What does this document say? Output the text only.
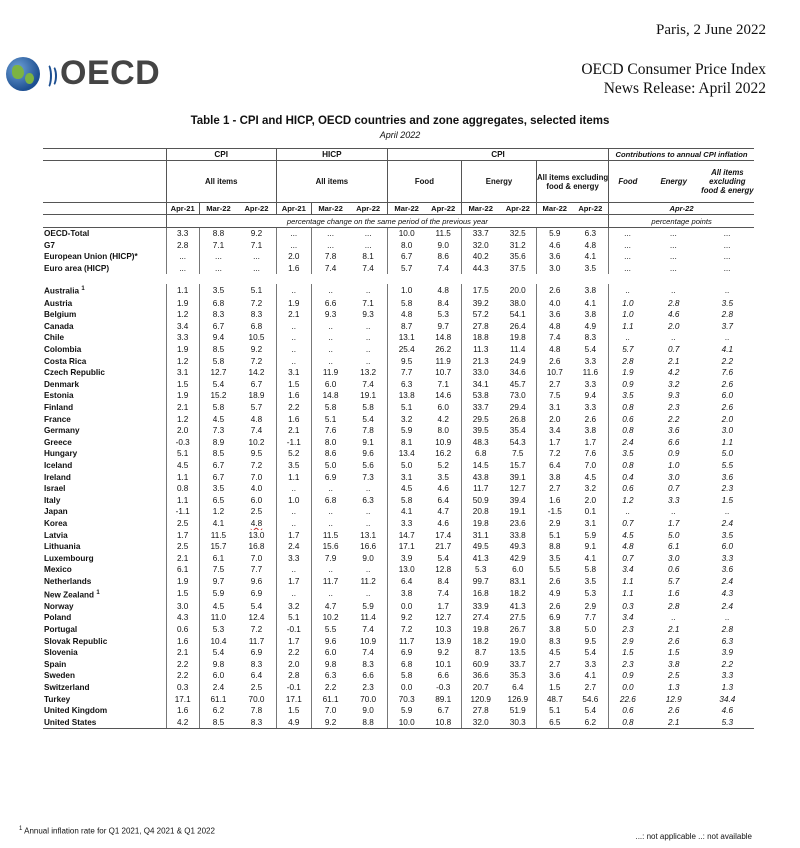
Paris, 2 June 2022
OECD	OECD Consumer Price Index
News Release: April 2022
Table 1 - CPI and HICP, OECD countries and zone aggregates, selected items
April 2022
	CPI			HICP			CPI						Contributions to annual CPI inflation		
	All items			All items			Food		Energy		All items excluding food & energy		Food	Energy	All items excluding food & energy
	Apr-21	Mar-22	Apr-22	Apr-21	Mar-22	Apr-22	Mar-22	Apr-22	Mar-22	Apr-22	Mar-22	Apr-22	Apr-22		
	percentage change on the same period of the previous year												percentage points		
OECD-Total	3.3	8.8	9.2	...	...	...	10.0	11.5	33.7	32.5	5.9	6.3	...	...	...
G7	2.8	7.1	7.1	...	...	...	8.0	9.0	32.0	31.2	4.6	4.8	...	...	...
European Union (HICP)*	...	...	...	2.0	7.8	8.1	6.7	8.6	40.2	35.6	3.6	4.1	...	...	...
Euro area (HICP)	...	...	...	1.6	7.4	7.4	5.7	7.4	44.3	37.5	3.0	3.5	...	...	...

Australia $^1$	1.1	3.5	5.1	..	..	..	1.0	4.8	17.5	20.0	2.6	3.8	..	..	..
Austria	1.9	6.8	7.2	1.9	6.6	7.1	5.8	8.4	39.2	38.0	4.0	4.1	1.0	2.8	3.5
Belgium	1.2	8.3	8.3	2.1	9.3	9.3	4.8	5.3	57.2	54.1	3.6	3.8	1.0	4.6	2.8
Canada	3.4	6.7	6.8	..	..	..	8.7	9.7	27.8	26.4	4.8	4.9	1.1	2.0	3.7
Chile	3.3	9.4	10.5	..	..	..	13.1	14.8	18.8	19.8	7.4	8.3	..	..	..
Colombia	1.9	8.5	9.2	..	..	..	25.4	26.2	11.3	11.4	4.8	5.4	5.7	0.7	4.1
Costa Rica	1.2	5.8	7.2	..	..	..	9.5	11.9	21.3	24.9	2.6	3.3	2.8	2.1	2.2
Czech Republic	3.1	12.7	14.2	3.1	11.9	13.2	7.7	10.7	33.0	34.6	10.7	11.6	1.9	4.2	7.6
Denmark	1.5	5.4	6.7	1.5	6.0	7.4	6.3	7.1	34.1	45.7	2.7	3.3	0.9	3.2	2.6
Estonia	1.9	15.2	18.9	1.6	14.8	19.1	13.8	14.6	53.8	73.0	7.5	9.4	3.5	9.3	6.0
Finland	2.1	5.8	5.7	2.2	5.8	5.8	5.1	6.0	33.7	29.4	3.1	3.3	0.8	2.3	2.6
France	1.2	4.5	4.8	1.6	5.1	5.4	3.2	4.2	29.5	26.8	2.0	2.6	0.6	2.2	2.0
Germany	2.0	7.3	7.4	2.1	7.6	7.8	5.9	8.0	39.5	35.4	3.4	3.8	0.8	3.6	3.0
Greece	-0.3	8.9	10.2	-1.1	8.0	9.1	8.1	10.9	48.3	54.3	1.7	1.7	2.4	6.6	1.1
Hungary	5.1	8.5	9.5	5.2	8.6	9.6	13.4	16.2	6.8	7.5	7.2	7.6	3.5	0.9	5.0
Iceland	4.5	6.7	7.2	3.5	5.0	5.6	5.0	5.2	14.5	15.7	6.4	7.0	0.8	1.0	5.5
Ireland	1.1	6.7	7.0	1.1	6.9	7.3	3.1	3.5	43.8	39.1	3.8	4.5	0.4	3.0	3.6
Israel	0.8	3.5	4.0	..	..	..	4.5	4.6	11.7	12.7	2.7	3.2	0.6	0.7	2.3
Italy	1.1	6.5	6.0	1.0	6.8	6.3	5.8	6.4	50.9	39.4	1.6	2.0	1.2	3.3	1.5
Japan	-1.1	1.2	2.5	..	..	..	4.1	4.7	20.8	19.1	-1.5	0.1	..	..	..
Korea	2.5	4.1	4.8	..	..	..	3.3	4.6	19.8	23.6	2.9	3.1	0.7	1.7	2.4
Latvia	1.7	11.5	13.0	1.7	11.5	13.1	14.7	17.4	31.1	33.8	5.1	5.9	4.5	5.0	3.5
Lithuania	2.5	15.7	16.8	2.4	15.6	16.6	17.1	21.7	49.5	49.3	8.8	9.1	4.8	6.1	6.0
Luxembourg	2.1	6.1	7.0	3.3	7.9	9.0	3.9	5.4	41.3	42.9	3.5	4.1	0.7	3.0	3.3
Mexico	6.1	7.5	7.7	..	..	..	13.0	12.8	5.3	6.0	5.5	5.8	3.4	0.6	3.6
Netherlands	1.9	9.7	9.6	1.7	11.7	11.2	6.4	8.4	99.7	83.1	2.6	3.5	1.1	5.7	2.4
New Zealand $^1$	1.5	5.9	6.9	..	..	..	3.8	7.4	16.8	18.2	4.9	5.3	1.1	1.6	4.3
Norway	3.0	4.5	5.4	3.2	4.7	5.9	0.0	1.7	33.9	41.3	2.6	2.9	0.3	2.8	2.4
Poland	4.3	11.0	12.4	5.1	10.2	11.4	9.2	12.7	27.4	27.5	6.9	7.7	3.4	..	..
Portugal	0.6	5.3	7.2	-0.1	5.5	7.4	7.2	10.3	19.8	26.7	3.8	5.0	2.3	2.1	2.8
Slovak Republic	1.6	10.4	11.7	1.7	9.6	10.9	11.7	13.9	18.2	19.0	8.3	9.5	2.9	2.6	6.3
Slovenia	2.1	5.4	6.9	2.2	6.0	7.4	6.9	9.2	8.7	13.5	4.5	5.4	1.5	1.5	3.9
Spain	2.2	9.8	8.3	2.0	9.8	8.3	6.8	10.1	60.9	33.7	2.7	3.3	2.3	3.8	2.2
Sweden	2.2	6.0	6.4	2.8	6.3	6.6	5.8	6.6	36.6	35.3	3.6	4.1	0.9	2.5	3.3
Switzerland	0.3	2.4	2.5	-0.1	2.2	2.3	0.0	-0.3	20.7	6.4	1.5	2.7	0.0	1.3	1.3
Turkey	17.1	61.1	70.0	17.1	61.1	70.0	70.3	89.1	120.9	126.9	48.7	54.6	22.6	12.9	34.4
United Kingdom	1.6	6.2	7.8	1.5	7.0	9.0	5.9	6.7	27.8	51.9	5.1	5.4	0.6	2.6	4.6
United States	4.2	8.5	8.3	4.9	9.2	8.8	10.0	10.8	32.0	30.3	6.5	6.2	0.8	2.1	5.3
$^1$ Annual inflation rate for Q1 2021, Q4 2021 & Q1 2022
...: not applicable ..: not available
